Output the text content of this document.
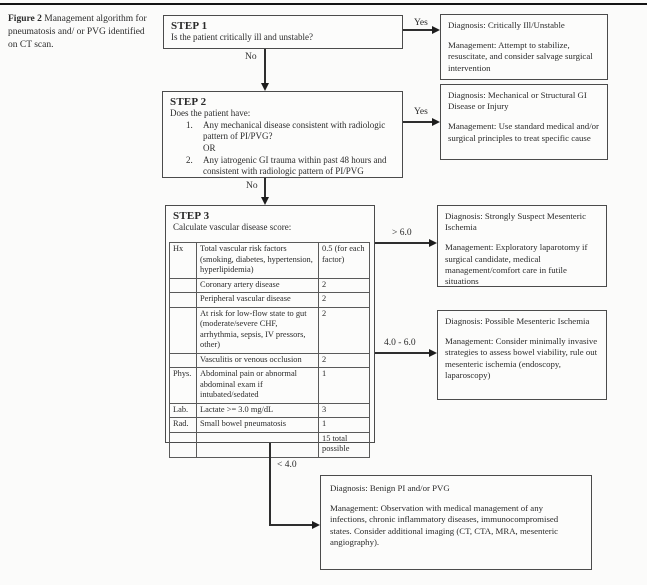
Figure 2 Management algorithm for pneumatosis and/ or PVG identified on CT scan.
STEP 1
Is the patient critically ill and unstable?
Yes Diagnosis: Critically Ill/Unstable
Management: Attempt to stabilize, resuscitate, and consider salvage surgical intervention
No
STEP 2
Does the patient have:
1.	Any mechanical disease consistent with radiologic pattern of PI/PVG?
OR
2.	Any iatrogenic GI trauma within past 48 hours and consistent with radiologic pattern of PI/PVG
Yes
Diagnosis: Mechanical or Structural GI Disease or Injury
Management: Use standard medical and/or surgical principles to treat specific cause
No
STEP 3
Calculate vascular disease score:
Hx	Total vascular risk factors (smoking, diabetes, hypertension, hyperlipidemia)	0.5 (for each factor)
	Coronary artery disease	2
	Peripheral vascular disease	2
	At risk for low-flow state to gut (moderate/severe CHF, arrhythmia, sepsis, IV pressors, other)	2
	Vasculitis or venous occlusion	2
Phys.	Abdominal pain or abnormal abdominal exam if intubated/sedated	1
Lab.	Lactate >= 3.0 mg/dL	3
Rad.	Small bowel pneumatosis	1
		15 total possible
> 6.0
Diagnosis: Strongly Suspect Mesenteric Ischemia
Management: Exploratory laparotomy if surgical candidate, medical management/comfort care in futile situations
4.0 - 6.0
Diagnosis: Possible Mesenteric Ischemia
Management: Consider minimally invasive strategies to assess bowel viability, rule out mesenteric ischemia (endoscopy, laparoscopy)
< 4.0
Diagnosis: Benign PI and/or PVG
Management: Observation with medical management of any infections, chronic inflammatory diseases, immunocompromised states. Consider additional imaging (CT, CTA, MRA, mesenteric angiography).
